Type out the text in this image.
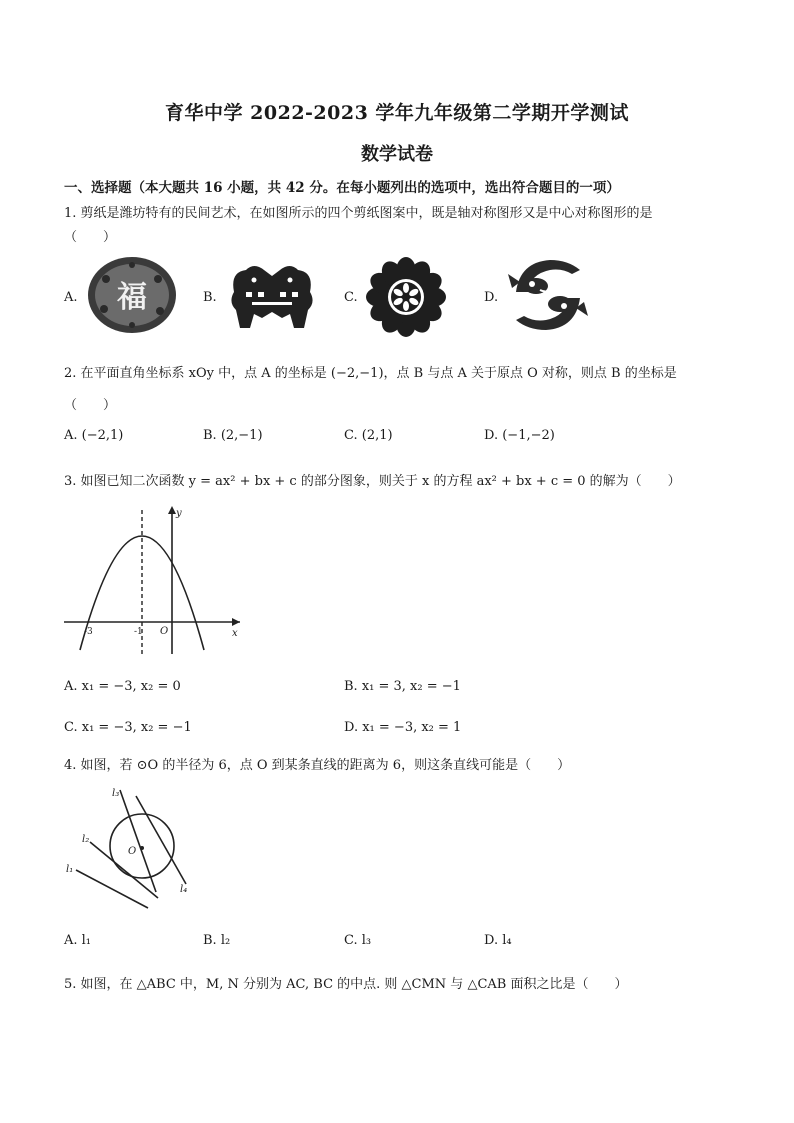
育华中学 2022-2023 学年九年级第二学期开学测试
数学试卷
一、选择题（本大题共 16 小题，共 42 分。在每小题列出的选项中，选出符合题目的一项）
1. 剪纸是潍坊特有的民间艺术，在如图所示的四个剪纸图案中，既是轴对称图形又是中心对称图形的是
（　　）
A. 福	B.	C.	D.
2. 在平面直角坐标系 xOy 中，点 A 的坐标是 (−2,−1)，点 B 与点 A 关于原点 O 对称，则点 B 的坐标是
（　　）
A. (−2,1)	B. (2,−1)	C. (2,1)	D. (−1,−2)
3. 如图已知二次函数 y = ax² + bx + c 的部分图象，则关于 x 的方程 ax² + bx + c = 0 的解为（　　）
y
x
O
-3	-1
A. x₁ = −3, x₂ = 0	B. x₁ = 3, x₂ = −1
C. x₁ = −3, x₂ = −1	D. x₁ = −3, x₂ = 1
4. 如图，若 ⊙O 的半径为 6，点 O 到某条直线的距离为 6，则这条直线可能是（　　）
l₁
l₂
l₃
l₄
O
A. l₁	B. l₂	C. l₃	D. l₄
5. 如图，在 △ABC 中，M, N 分别为 AC, BC 的中点. 则 △CMN 与 △CAB 面积之比是（　　）
